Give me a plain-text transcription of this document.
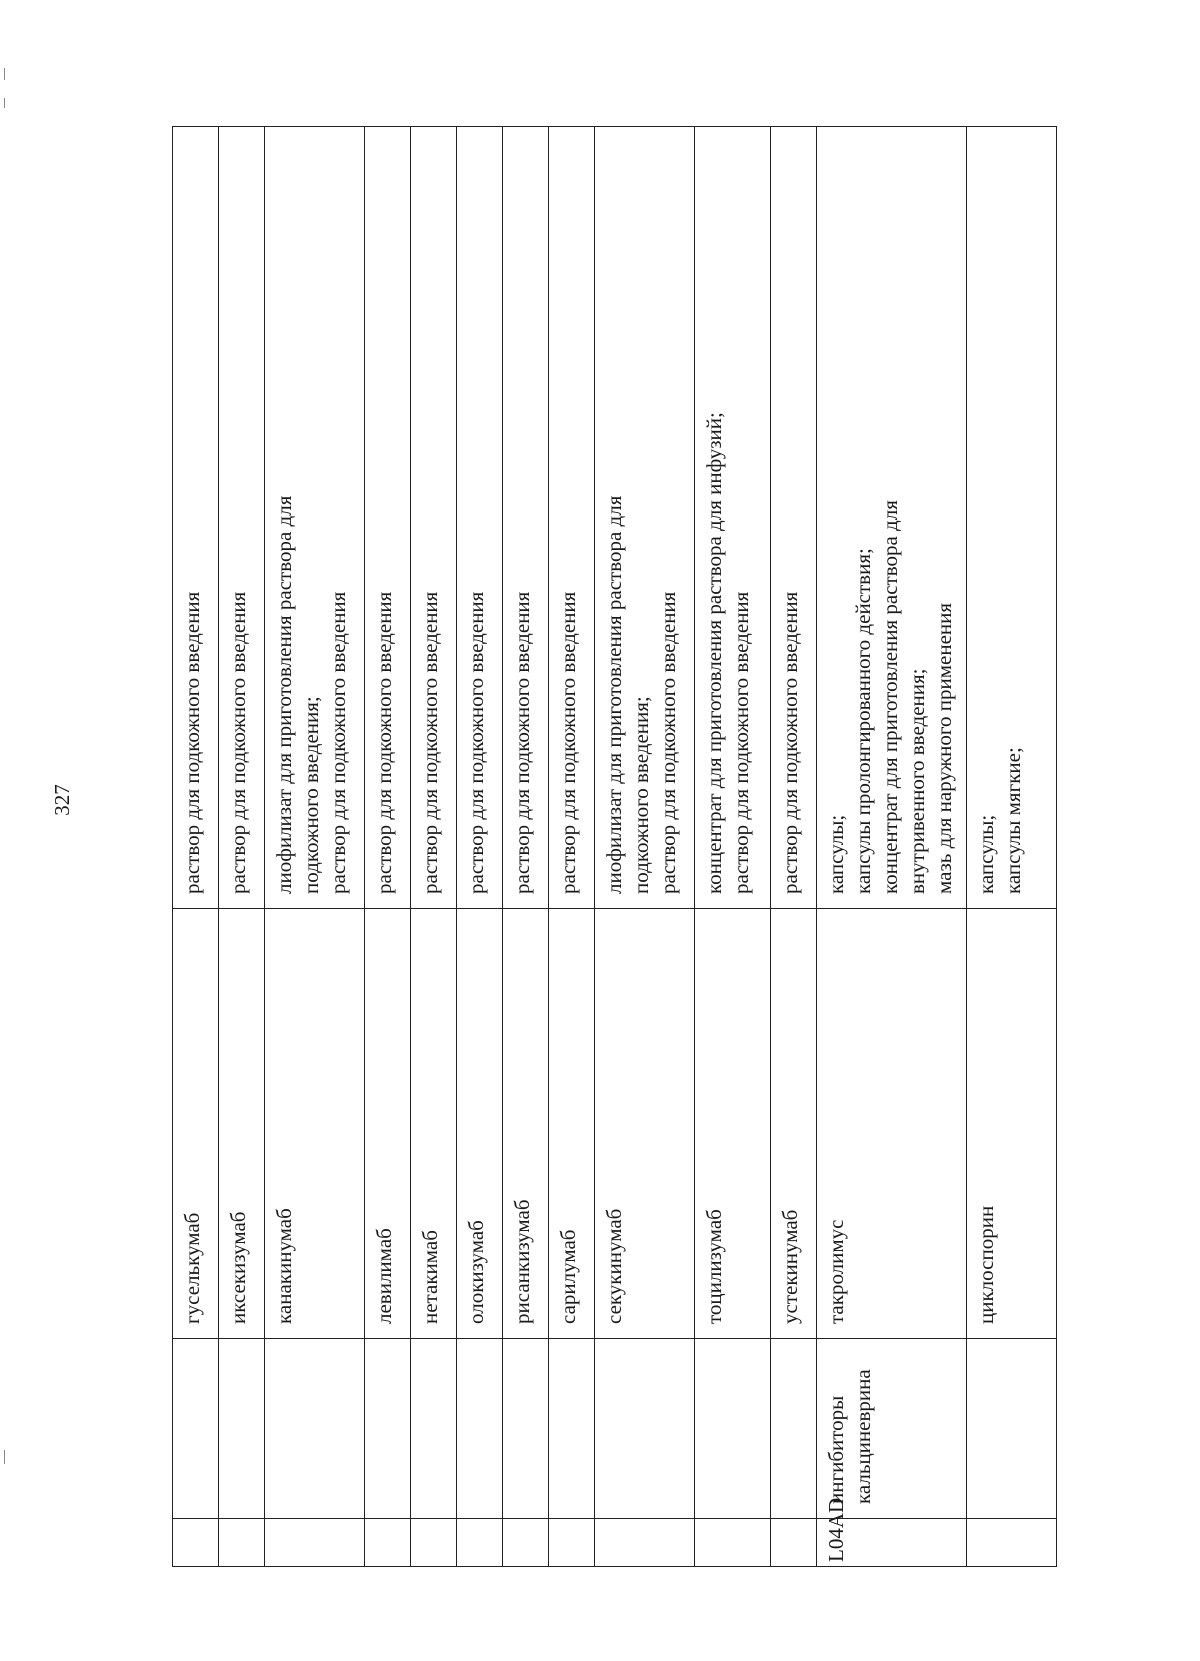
327
		гуселькумаб	раствор для подкожного введения

		иксекизумаб	раствор для подкожного введения

		канакинумаб	лиофилизат для приготовления раствора для подкожного введения; раствор для подкожного введения

		левилимаб	раствор для подкожного введения

		нетакимаб	раствор для подкожного введения

		олокизумаб	раствор для подкожного введения

		рисанкизумаб	раствор для подкожного введения

		сарилумаб	раствор для подкожного введения

		секукинумаб	лиофилизат для приготовления раствора для подкожного введения; раствор для подкожного введения

		тоцилизумаб	концентрат для приготовления раствора для инфузий; раствор для подкожного введения

		устекинумаб	раствор для подкожного введения

L04AD	ингибиторы кальциневрина	такролимус	капсулы; капсулы пролонгированного действия; концентрат для приготовления раствора для внутривенного введения; мазь для наружного применения

		циклоспорин	капсулы; капсулы мягкие;
